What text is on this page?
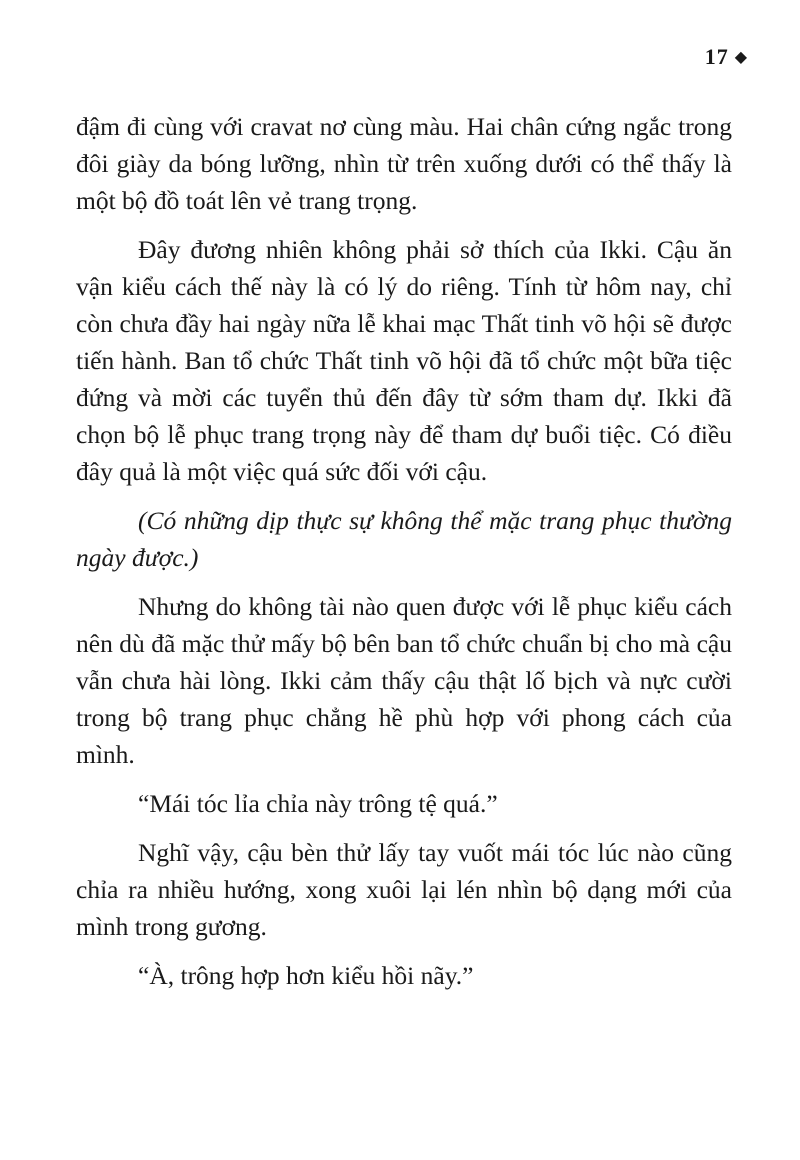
17 ◆

đậm đi cùng với cravat nơ cùng màu. Hai chân cứng ngắc trong đôi giày da bóng lưỡng, nhìn từ trên xuống dưới có thể thấy là một bộ đồ toát lên vẻ trang trọng.

Đây đương nhiên không phải sở thích của Ikki. Cậu ăn vận kiểu cách thế này là có lý do riêng. Tính từ hôm nay, chỉ còn chưa đầy hai ngày nữa lễ khai mạc Thất tinh võ hội sẽ được tiến hành. Ban tổ chức Thất tinh võ hội đã tổ chức một bữa tiệc đứng và mời các tuyển thủ đến đây từ sớm tham dự. Ikki đã chọn bộ lễ phục trang trọng này để tham dự buổi tiệc. Có điều đây quả là một việc quá sức đối với cậu.

(Có những dịp thực sự không thể mặc trang phục thường ngày được.)

Nhưng do không tài nào quen được với lễ phục kiểu cách nên dù đã mặc thử mấy bộ bên ban tổ chức chuẩn bị cho mà cậu vẫn chưa hài lòng. Ikki cảm thấy cậu thật lố bịch và nực cười trong bộ trang phục chẳng hề phù hợp với phong cách của mình.

“Mái tóc lỉa chỉa này trông tệ quá.”

Nghĩ vậy, cậu bèn thử lấy tay vuốt mái tóc lúc nào cũng chỉa ra nhiều hướng, xong xuôi lại lén nhìn bộ dạng mới của mình trong gương.

“À, trông hợp hơn kiểu hồi nãy.”
